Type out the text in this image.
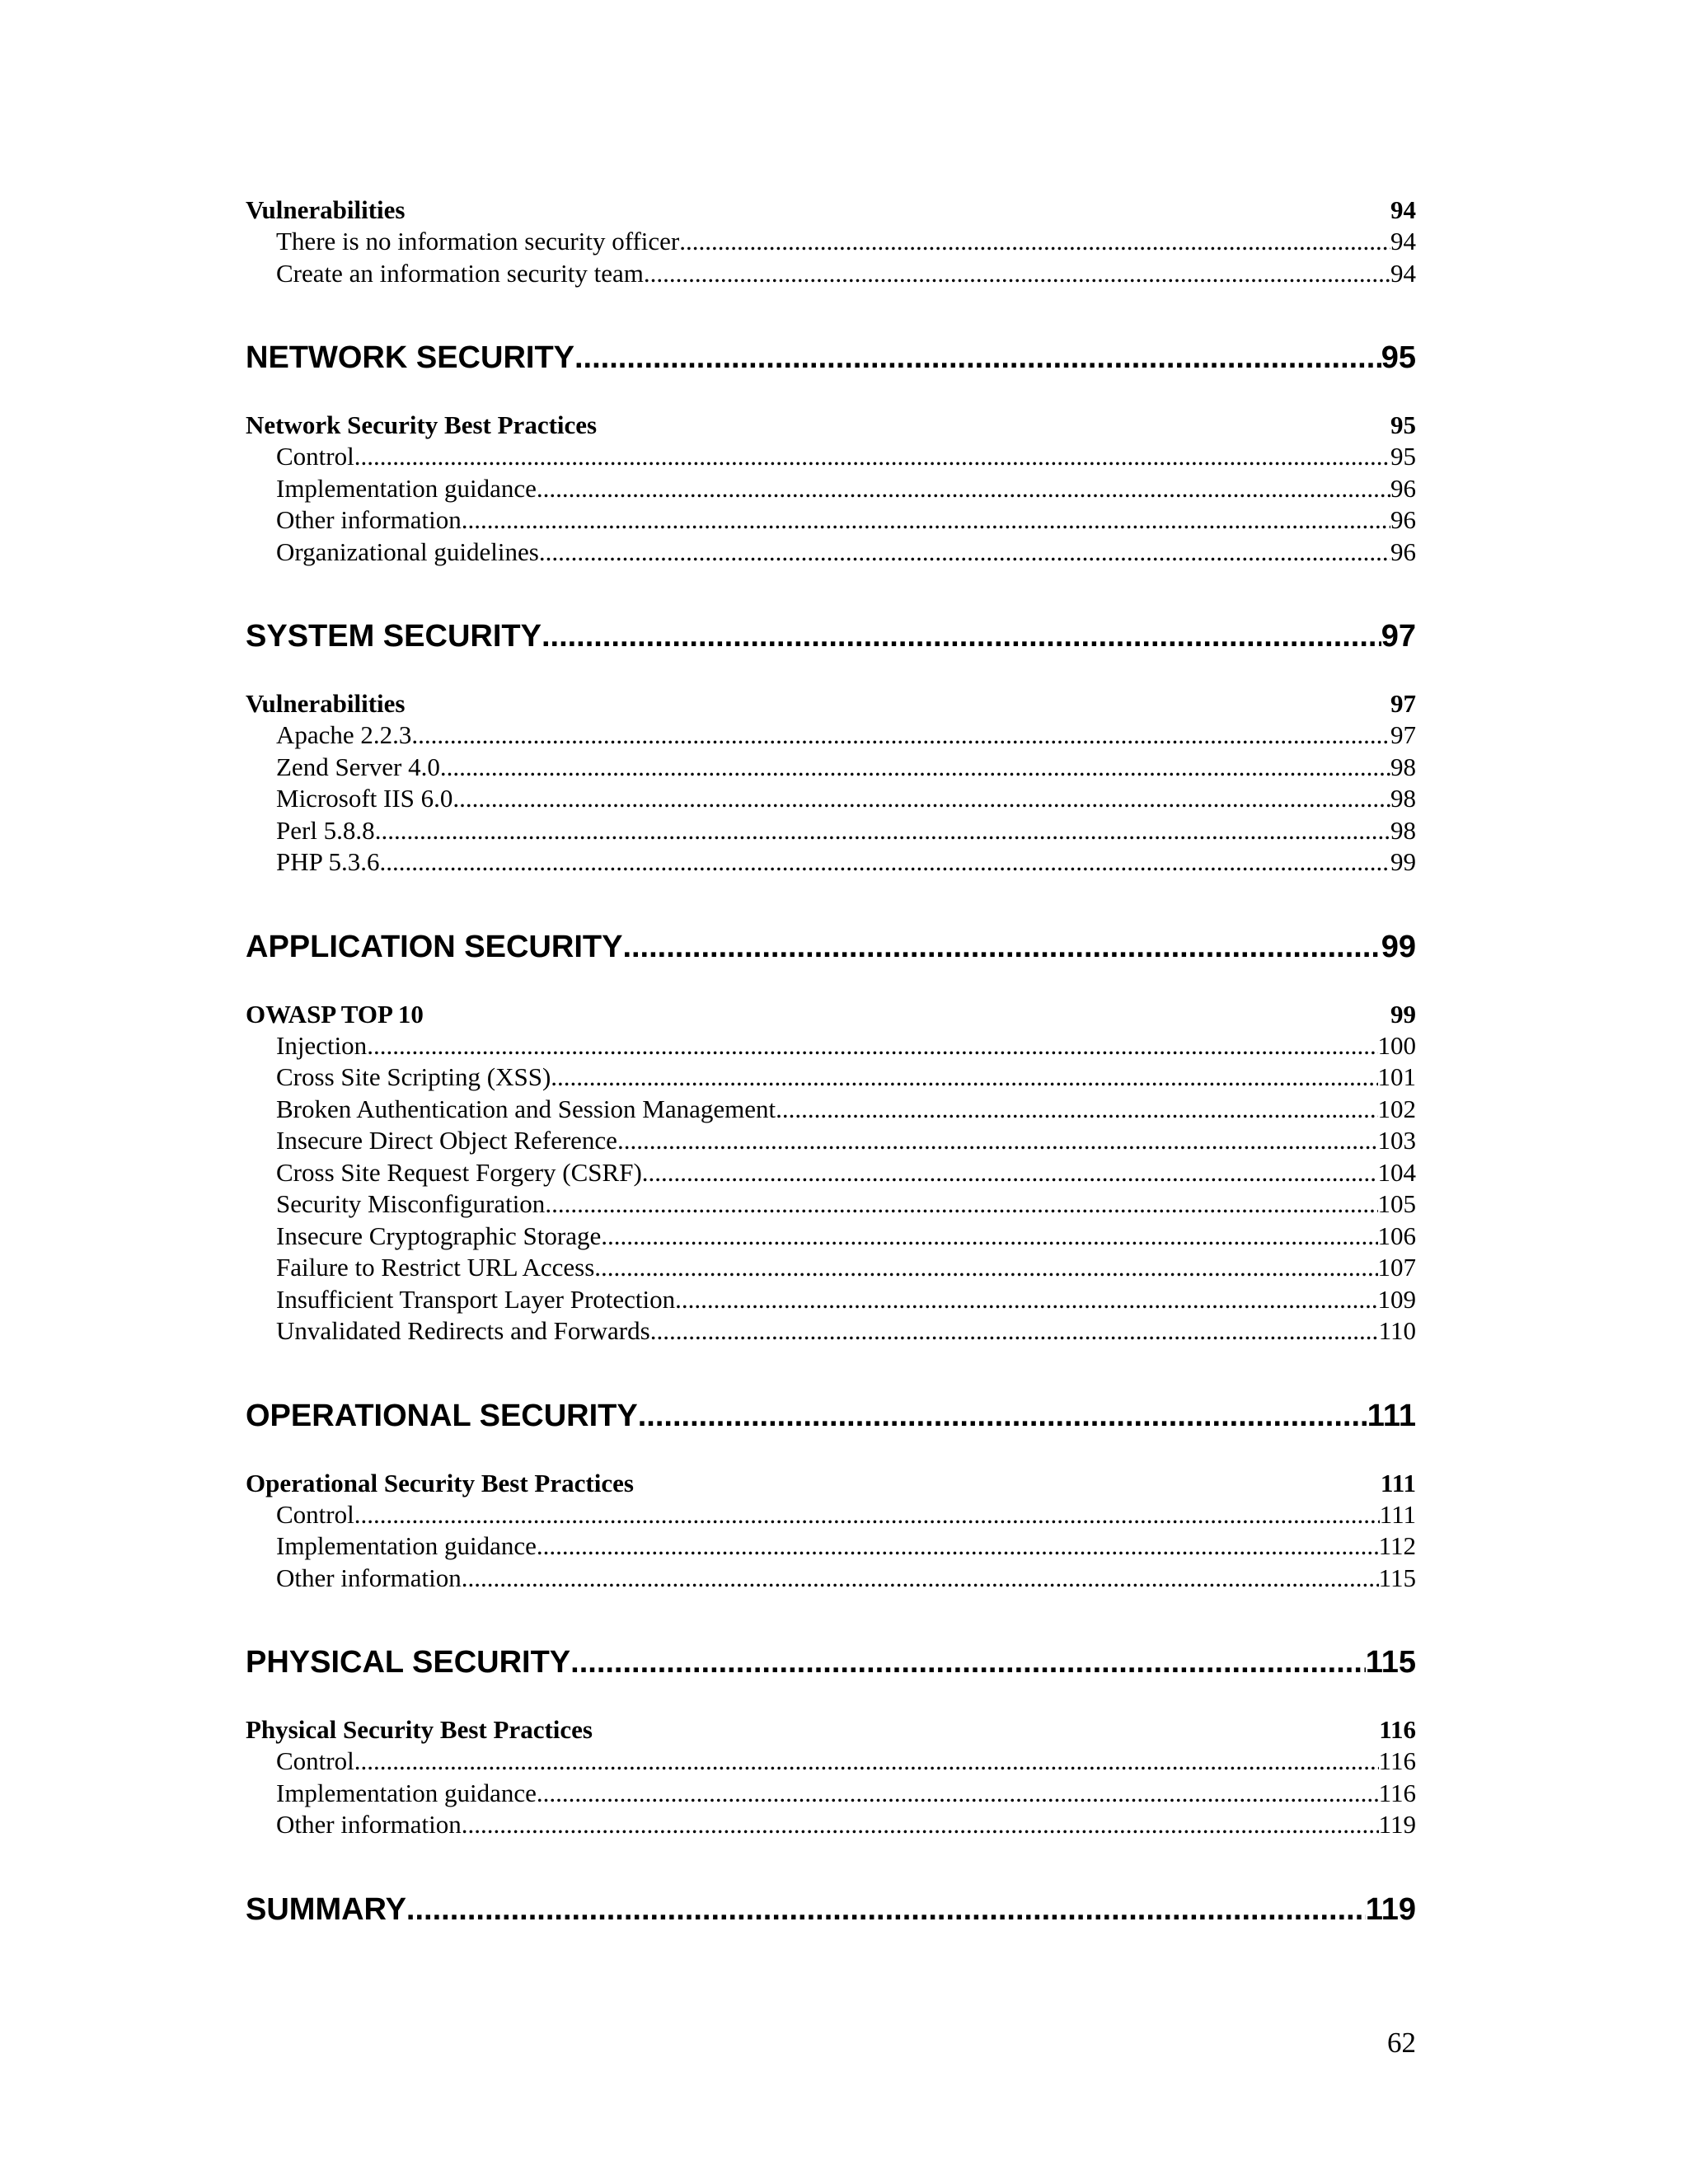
Vulnerabilities	94
There is no information security officer .....	94
Create an information security team .....	94
NETWORK SECURITY .....	95
Network Security Best Practices	95
Control .....	95
Implementation guidance .....	96
Other information .....	96
Organizational guidelines .....	96
SYSTEM SECURITY .....	97
Vulnerabilities	97
Apache 2.2.3 .....	97
Zend Server 4.0 .....	98
Microsoft IIS 6.0 .....	98
Perl 5.8.8 .....	98
PHP 5.3.6 .....	99
APPLICATION SECURITY .....	99
OWASP TOP 10	99
Injection .....	100
Cross Site Scripting (XSS) .....	101
Broken Authentication and Session Management .....	102
Insecure Direct Object Reference .....	103
Cross Site Request Forgery (CSRF) .....	104
Security Misconfiguration .....	105
Insecure Cryptographic Storage .....	106
Failure to Restrict URL Access .....	107
Insufficient Transport Layer Protection .....	109
Unvalidated Redirects and Forwards .....	110
OPERATIONAL SECURITY .....	111
Operational Security Best Practices	111
Control .....	111
Implementation guidance .....	112
Other information .....	115
PHYSICAL SECURITY .....	115
Physical Security Best Practices	116
Control .....	116
Implementation guidance .....	116
Other information .....	119
SUMMARY .....	119
62
